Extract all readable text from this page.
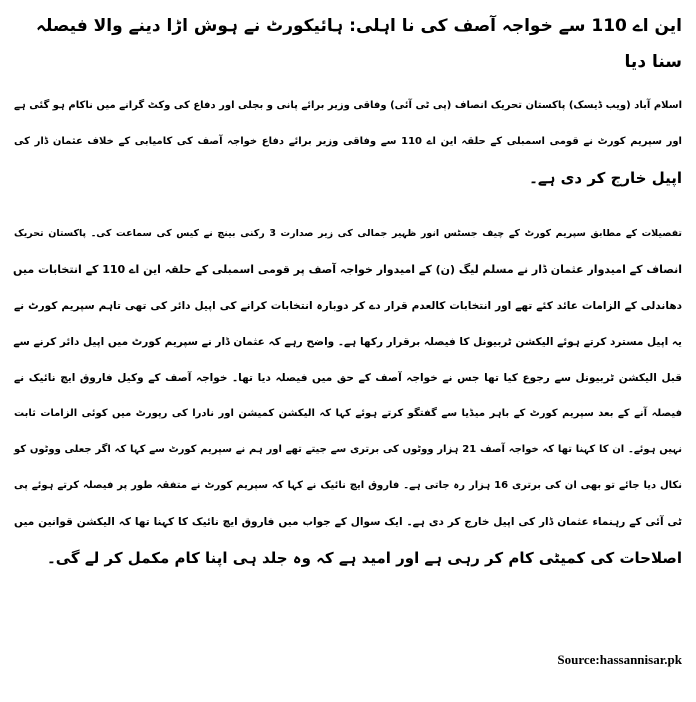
این اے 110 سے خواجہ آصف کی نا اہلی: ہائیکورٹ نے ہوش اڑا دینے والا فیصلہ سنا دیا
اسلام آباد (ویب ڈیسک) پاکستان تحریک انصاف (پی ٹی آئی) وفاقی وزیر برائے پانی و بجلی اور دفاع کی وکٹ گرانے میں ناکام ہو گئی ہے
اور سپریم کورٹ نے قومی اسمبلی کے حلقہ این اے 110 سے وفاقی وزیر برائے دفاع خواجہ آصف کی کامیابی کے خلاف عثمان ڈار کی
اپیل خارج کر دی ہے۔
تفصیلات کے مطابق سپریم کورٹ کے چیف جسٹس انور ظہیر جمالی کی زیر صدارت 3 رکنی بینچ نے کیس کی سماعت کی۔ پاکستان تحریک
انصاف کے امیدوار عثمان ڈار نے مسلم لیگ (ن) کے امیدوار خواجہ آصف پر قومی اسمبلی کے حلقہ این اے 110 کے انتخابات میں
دھاندلی کے الزامات عائد کئے تھے اور انتخابات کالعدم قرار دے کر دوبارہ انتخابات کرانے کی اپیل دائر کی تھی تاہم سپریم کورٹ نے
یہ اپیل مسترد کرتے ہوئے الیکشن ٹربیونل کا فیصلہ برقرار رکھا ہے۔ واضح رہے کہ عثمان ڈار نے سپریم کورٹ میں اپیل دائر کرنے سے
قبل الیکشن ٹربیونل سے رجوع کیا تھا جس نے خواجہ آصف کے حق میں فیصلہ دیا تھا۔ خواجہ آصف کے وکیل فاروق ایچ نائیک نے
فیصلہ آنے کے بعد سپریم کورٹ کے باہر میڈیا سے گفتگو کرتے ہوئے کہا کہ الیکشن کمیشن اور نادرا کی رپورٹ میں کوئی الزامات ثابت
نہیں ہوئے۔ ان کا کہنا تھا کہ خواجہ آصف 21 ہزار ووٹوں کی برتری سے جیتے تھے اور ہم نے سپریم کورٹ سے کہا کہ اگر جعلی ووٹوں کو
نکال دیا جائے تو بھی ان کی برتری 16 ہزار رہ جاتی ہے۔ فاروق ایچ نائیک نے کہا کہ سپریم کورٹ نے متفقہ طور پر فیصلہ کرتے ہوئے پی
ٹی آئی کے رہنماء عثمان ڈار کی اپیل خارج کر دی ہے۔ ایک سوال کے جواب میں فاروق ایچ نائیک کا کہنا تھا کہ الیکشن قوانین میں
اصلاحات کی کمیٹی کام کر رہی ہے اور امید ہے کہ وہ جلد ہی اپنا کام مکمل کر لے گی۔
Source:hassannisar.pk
